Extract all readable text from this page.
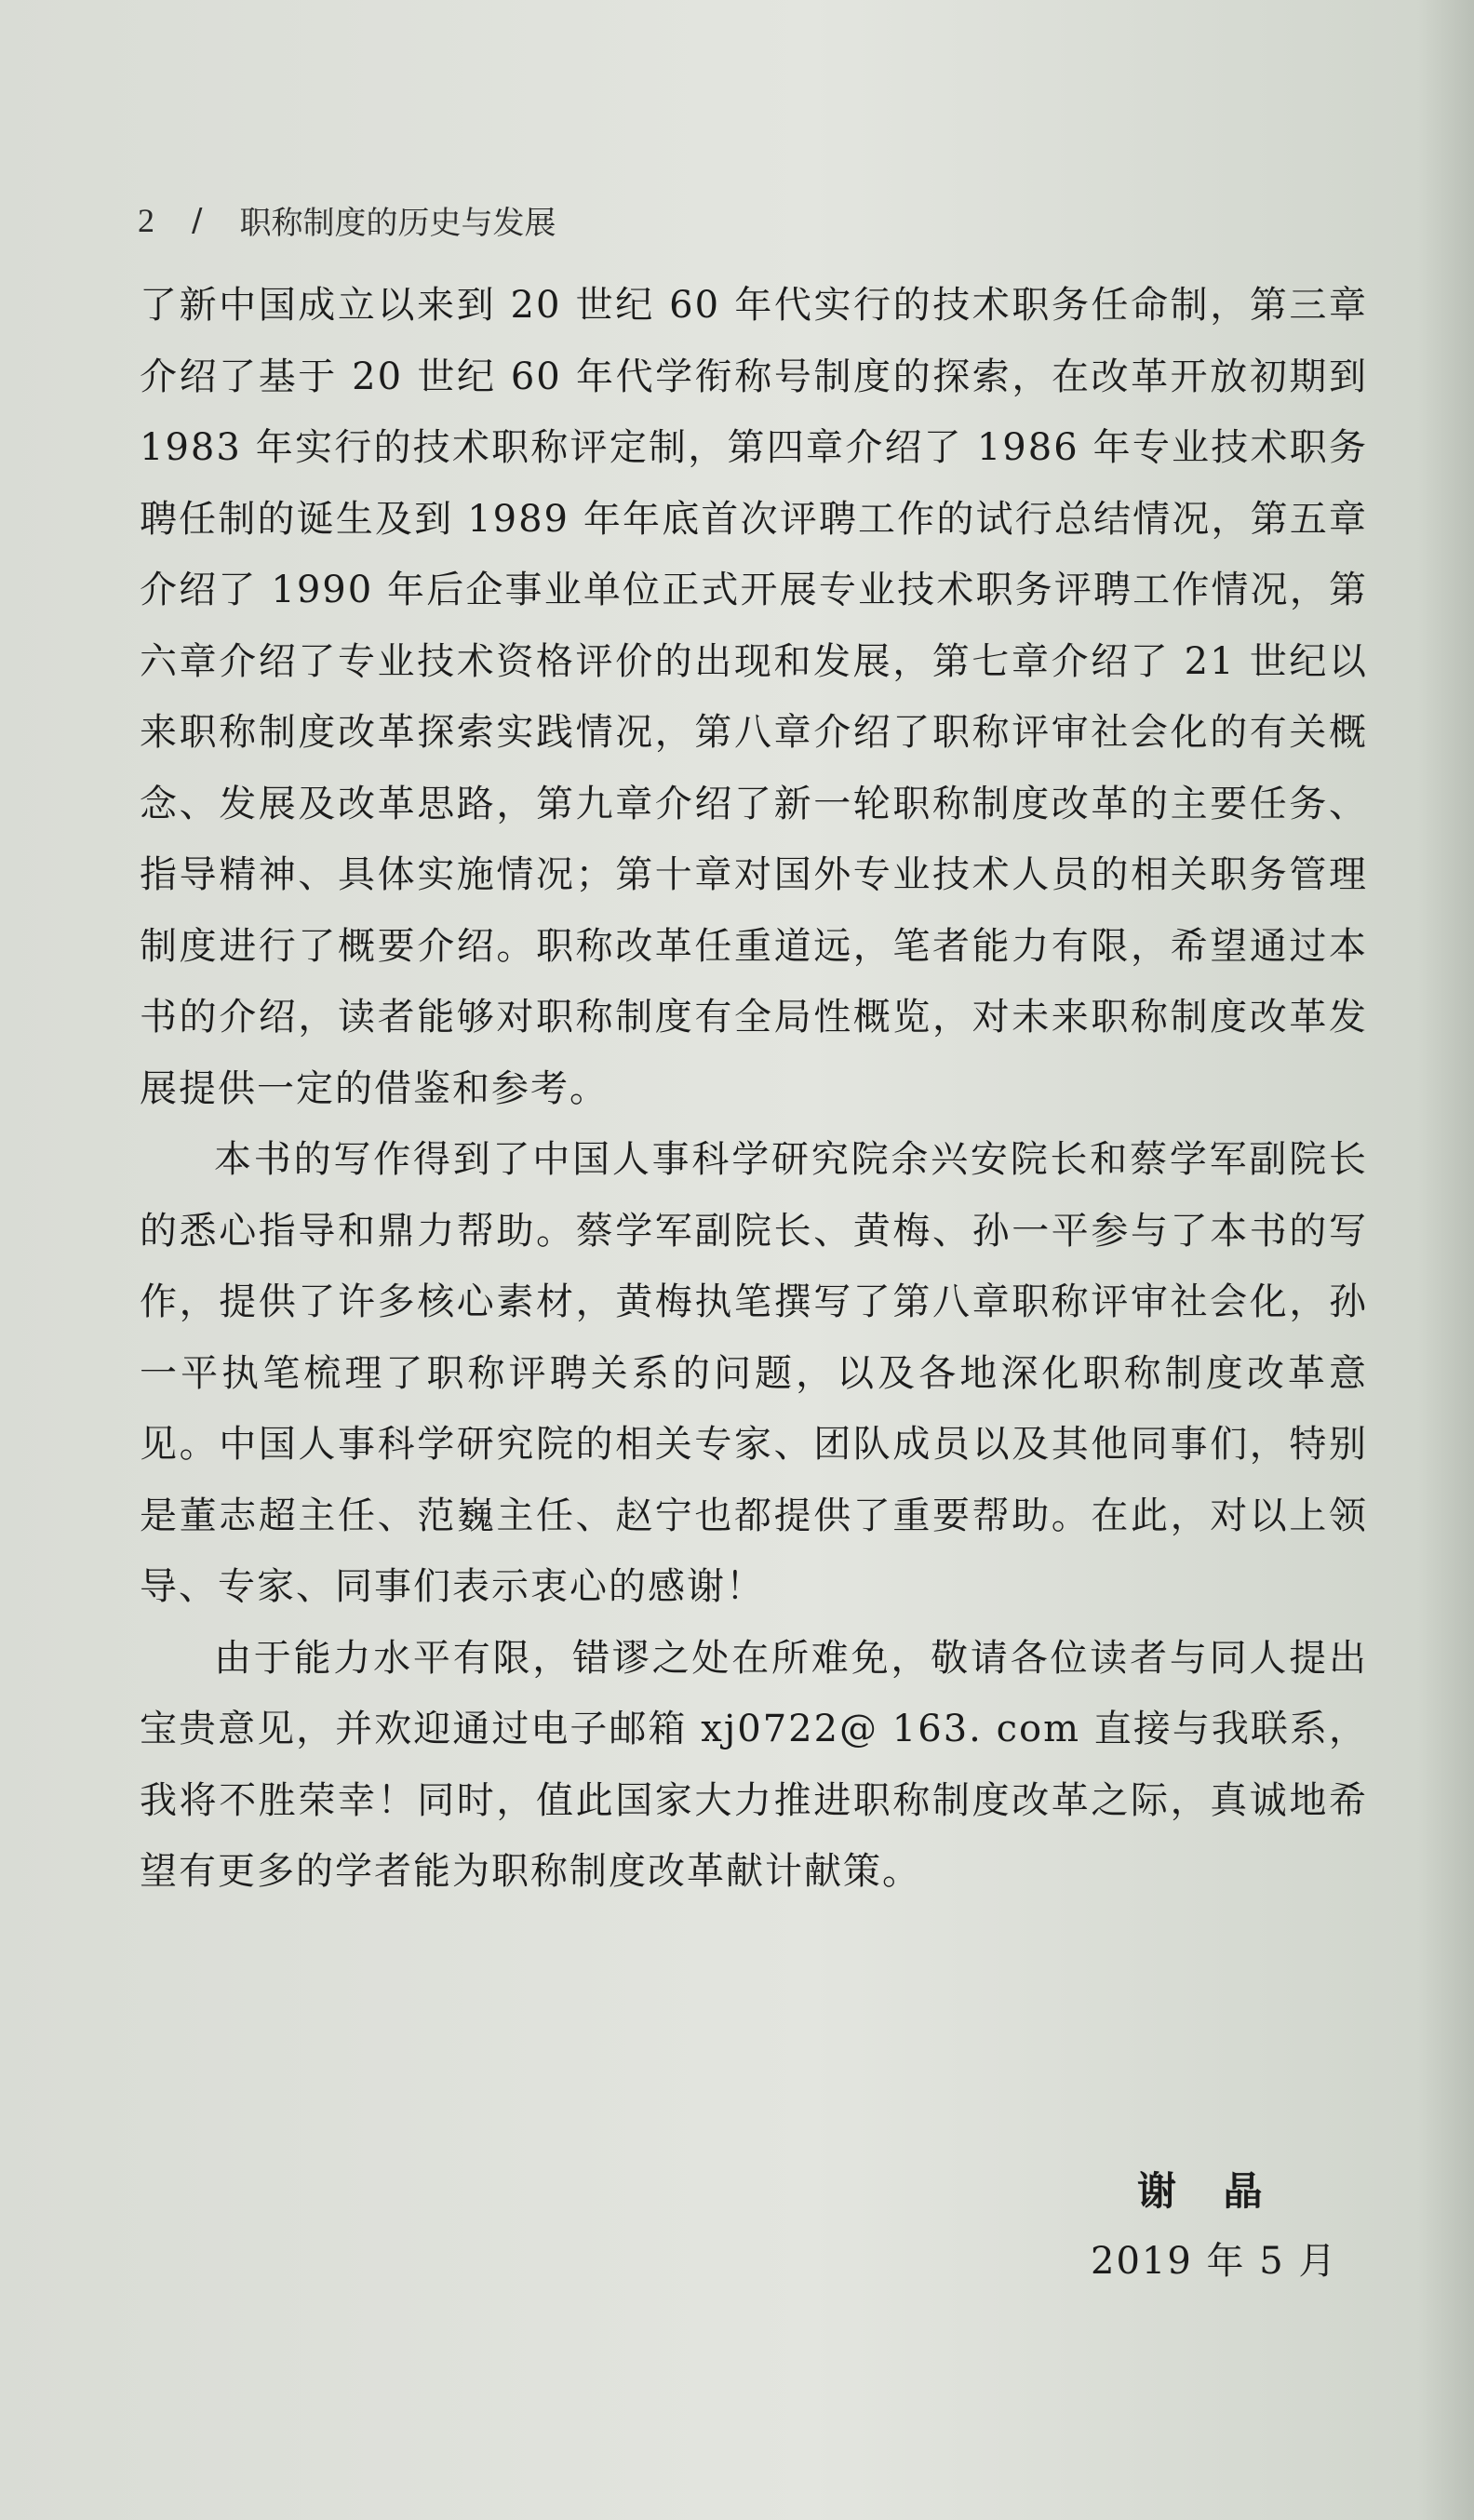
2 / 职称制度的历史与发展

了新中国成立以来到 20 世纪 60 年代实行的技术职务任命制，第三章介绍了基于 20 世纪 60 年代学衔称号制度的探索，在改革开放初期到 1983 年实行的技术职称评定制，第四章介绍了 1986 年专业技术职务聘任制的诞生及到 1989 年年底首次评聘工作的试行总结情况，第五章介绍了 1990 年后企事业单位正式开展专业技术职务评聘工作情况，第六章介绍了专业技术资格评价的出现和发展，第七章介绍了 21 世纪以来职称制度改革探索实践情况，第八章介绍了职称评审社会化的有关概念、发展及改革思路，第九章介绍了新一轮职称制度改革的主要任务、指导精神、具体实施情况；第十章对国外专业技术人员的相关职务管理制度进行了概要介绍。职称改革任重道远，笔者能力有限，希望通过本书的介绍，读者能够对职称制度有全局性概览，对未来职称制度改革发展提供一定的借鉴和参考。

本书的写作得到了中国人事科学研究院余兴安院长和蔡学军副院长的悉心指导和鼎力帮助。蔡学军副院长、黄梅、孙一平参与了本书的写作，提供了许多核心素材，黄梅执笔撰写了第八章职称评审社会化，孙一平执笔梳理了职称评聘关系的问题，以及各地深化职称制度改革意见。中国人事科学研究院的相关专家、团队成员以及其他同事们，特别是董志超主任、范巍主任、赵宁也都提供了重要帮助。在此，对以上领导、专家、同事们表示衷心的感谢！

由于能力水平有限，错谬之处在所难免，敬请各位读者与同人提出宝贵意见，并欢迎通过电子邮箱 xj0722@ 163. com 直接与我联系，我将不胜荣幸！同时，值此国家大力推进职称制度改革之际，真诚地希望有更多的学者能为职称制度改革献计献策。

谢 晶
2019 年 5 月
